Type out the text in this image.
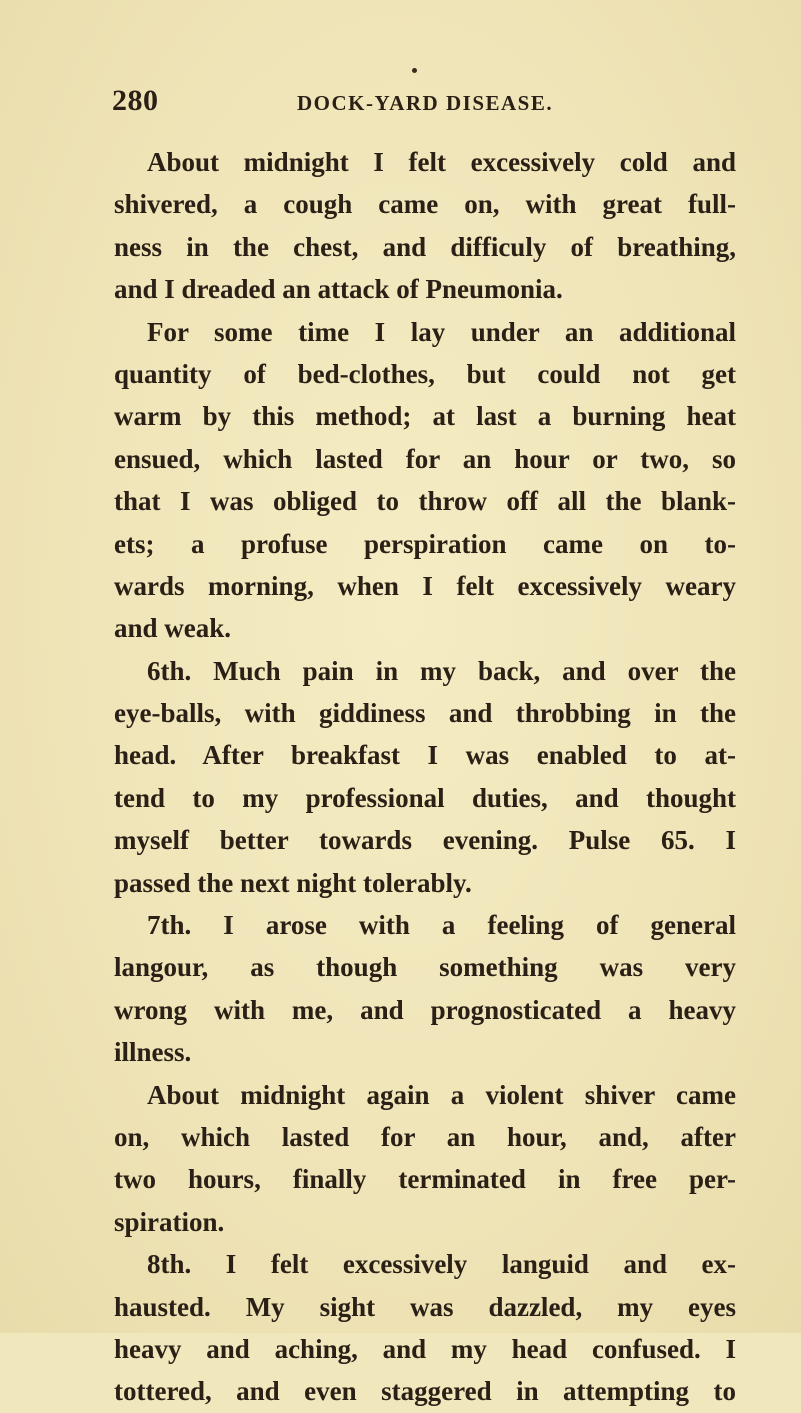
280	DOCK-YARD DISEASE.
About midnight I felt excessively cold and
shivered, a cough came on, with great full-
ness in the chest, and difficuly of breathing,
and I dreaded an attack of Pneumonia.
For some time I lay under an additional
quantity of bed-clothes, but could not get
warm by this method; at last a burning heat
ensued, which lasted for an hour or two, so
that I was obliged to throw off all the blank-
ets; a profuse perspiration came on to-
wards morning, when I felt excessively weary
and weak.
6th. Much pain in my back, and over the
eye-balls, with giddiness and throbbing in the
head. After breakfast I was enabled to at-
tend to my professional duties, and thought
myself better towards evening. Pulse 65. I
passed the next night tolerably.
7th. I arose with a feeling of general
langour, as though something was very
wrong with me, and prognosticated a heavy
illness.
About midnight again a violent shiver came
on, which lasted for an hour, and, after
two hours, finally terminated in free per-
spiration.
8th. I felt excessively languid and ex-
hausted. My sight was dazzled, my eyes
heavy and aching, and my head confused. I
tottered, and even staggered in attempting to
